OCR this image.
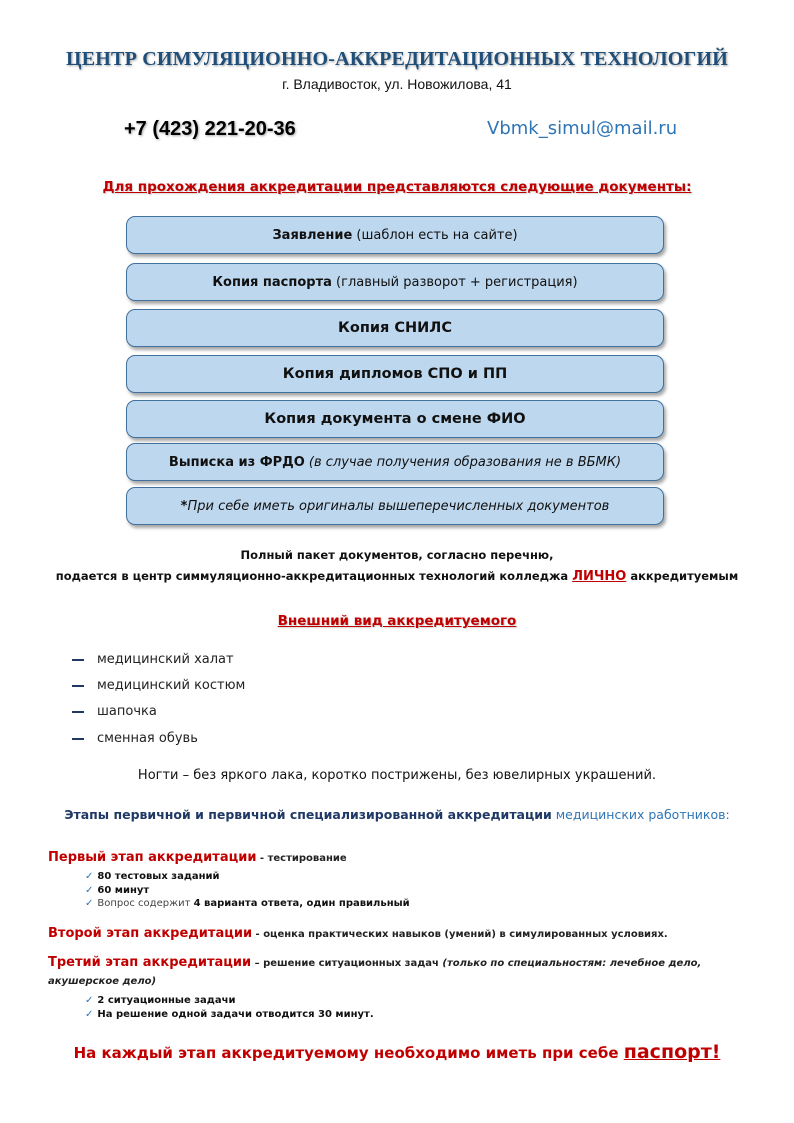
ЦЕНТР СИМУЛЯЦИОННО-АККРЕДИТАЦИОННЫХ ТЕХНОЛОГИЙ
г. Владивосток, ул. Новожилова, 41
+7 (423) 221-20-36	Vbmk_simul@mail.ru
Для прохождения аккредитации представляются следующие документы:
Заявление (шаблон есть на сайте)
Копия паспорта (главный разворот + регистрация)
Копия СНИЛС
Копия дипломов СПО и ПП
Копия документа о смене ФИО
Выписка из ФРДО (в случае получения образования не в ВБМК)
* При себе иметь оригиналы вышеперечисленных документов
Полный пакет документов, согласно перечню,
подается в центр симмуляционно-аккредитационных технологий колледжа ЛИЧНО аккредитуемым
Внешний вид аккредитуемого
медицинский халат
медицинский костюм
шапочка
сменная обувь
Ногти – без яркого лака, коротко пострижены, без ювелирных украшений.
Этапы первичной и первичной специализированной аккредитации медицинских работников:
Первый этап аккредитации - тестирование
✓ 80 тестовых заданий
✓ 60 минут
✓ Вопрос содержит 4 варианта ответа , один правильный
Второй этап аккредитации - оценка практических навыков (умений) в симулированных условиях.
Третий этап аккредитации – решение ситуационных задач (только по специальностям: лечебное дело, акушерское дело)
✓ 2 ситуационные задачи
✓ На решение одной задачи отводится 30 минут.
На каждый этап аккредитуемому необходимо иметь при себе паспорт!
